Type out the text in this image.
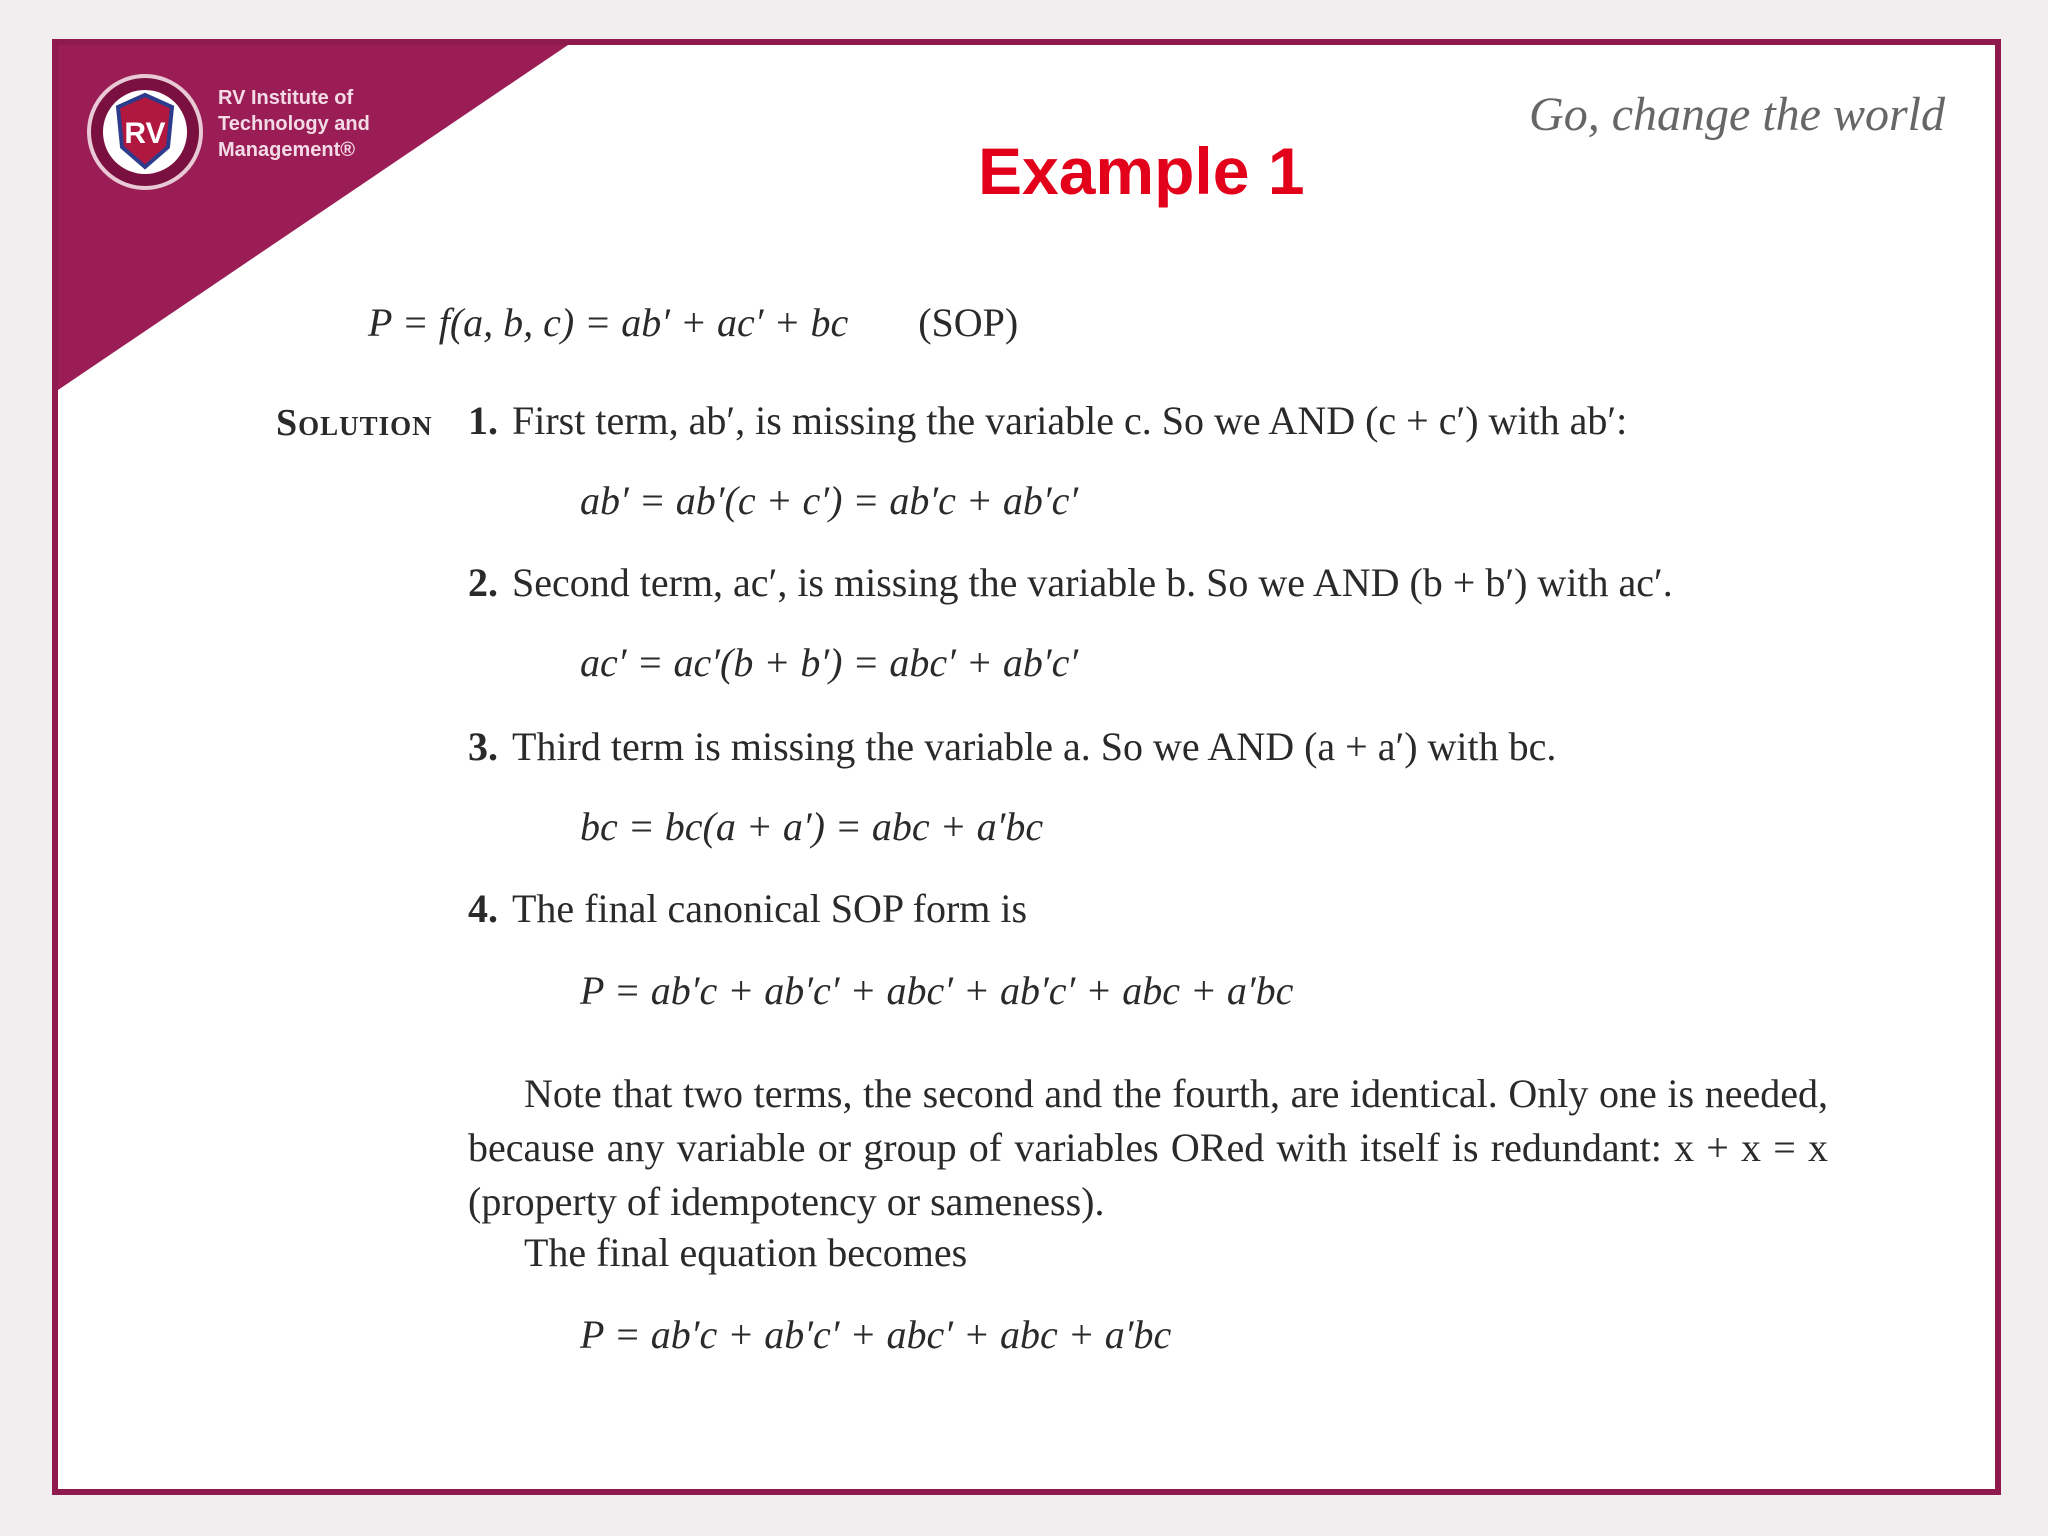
RV
RV Institute of
Technology and
Management®
Go, change the world
Example 1
P = f(a, b, c) = ab′ + ac′ + bc (SOP)
Solution 1. First term, ab′, is missing the variable c. So we AND (c + c′) with ab′:
ab′ = ab′(c + c′) = ab′c + ab′c′
2. Second term, ac′, is missing the variable b. So we AND (b + b′) with ac′.
ac′ = ac′(b + b′) = abc′ + ab′c′
3. Third term is missing the variable a. So we AND (a + a′) with bc.
bc = bc(a + a′) = abc + a′bc
4. The final canonical SOP form is
P = ab′c + ab′c′ + abc′ + ab′c′ + abc + a′bc
Note that two terms, the second and the fourth, are identical. Only one is needed, because any variable or group of variables ORed with itself is redundant: x + x = x (property of idempotency or sameness).
The final equation becomes
P = ab′c + ab′c′ + abc′ + abc + a′bc
